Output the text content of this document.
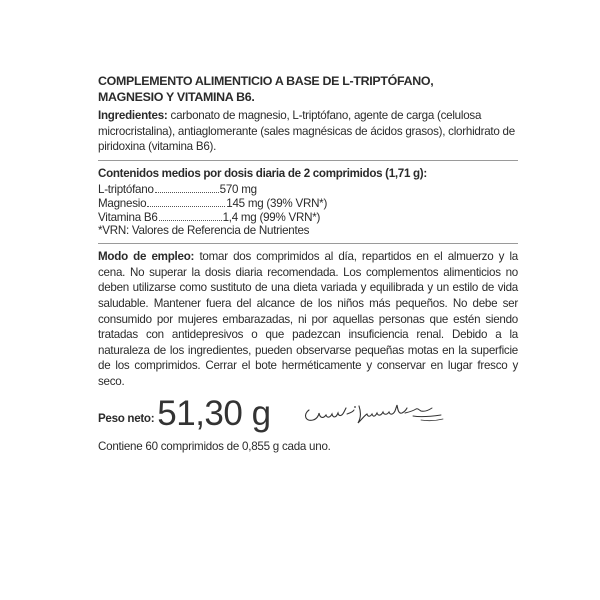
COMPLEMENTO ALIMENTICIO A BASE DE L-TRIPTÓFANO,
MAGNESIO Y VITAMINA B6.

Ingredientes: carbonato de magnesio, L-triptófano, agente de carga (celulosa microcristalina), antiaglomerante (sales magnésicas de ácidos grasos), clorhidrato de piridoxina (vitamina B6).

Contenidos medios por dosis diaria de 2 comprimidos (1,71 g):
L-triptófano	570 mg
Magnesio	145 mg (39% VRN*)
Vitamina B6	1,4 mg (99% VRN*)
*VRN: Valores de Referencia de Nutrientes

Modo de empleo: tomar dos comprimidos al día, repartidos en el almuerzo y la cena. No superar la dosis diaria recomendada. Los complementos alimenticios no deben utilizarse como sustituto de una dieta variada y equilibrada y un estilo de vida saludable. Mantener fuera del alcance de los niños más pequeños. No debe ser consumido por mujeres embarazadas, ni por aquellas personas que estén siendo tratadas con antidepresivos o que padezcan insuficiencia renal. Debido a la naturaleza de los ingredientes, pueden observarse pequeñas motas en la superficie de los comprimidos. Cerrar el bote herméticamente y conservar en lugar fresco y seco.

Peso neto: 51,30 g
Contiene 60 comprimidos de 0,855 g cada uno.
